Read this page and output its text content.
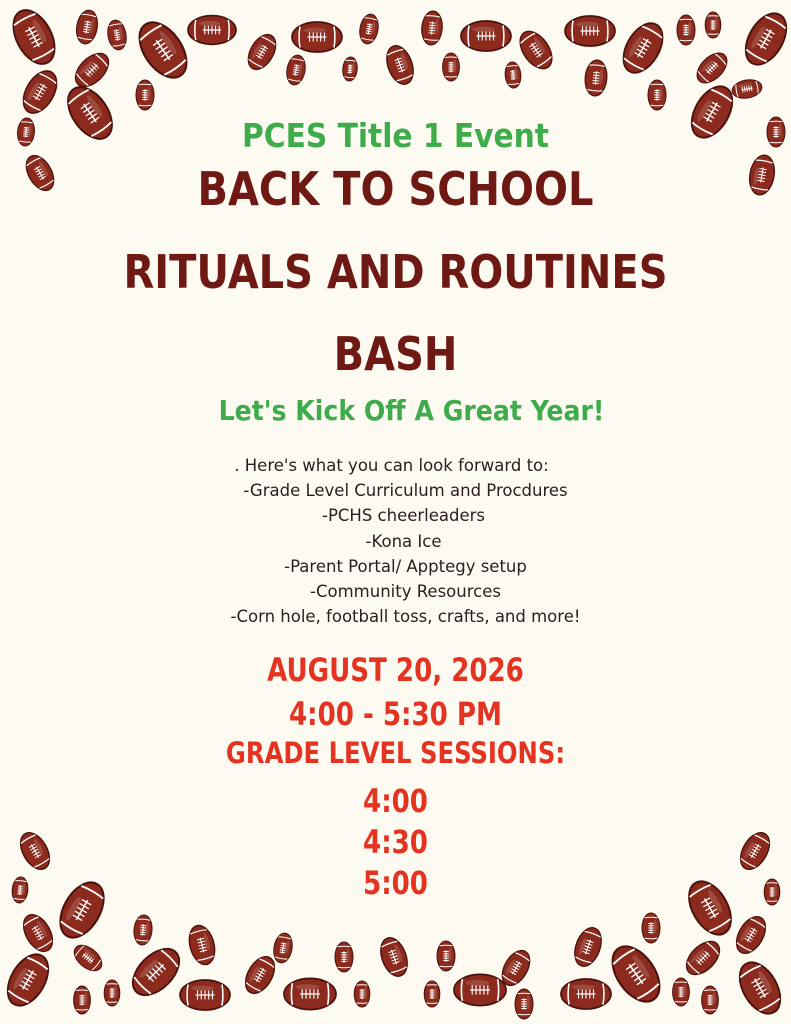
PCES Title 1 Event
BACK TO SCHOOL
RITUALS AND ROUTINES
BASH
Let's Kick Off A Great Year!
. Here's what you can look forward to:
-Grade Level Curriculum and Procdures
-PCHS cheerleaders
-Kona Ice
-Parent Portal/ Apptegy setup
-Community Resources
-Corn hole, football toss, crafts, and more!
AUGUST 20, 2026
4:00 - 5:30 PM
GRADE LEVEL SESSIONS:
4:00
4:30
5:00
